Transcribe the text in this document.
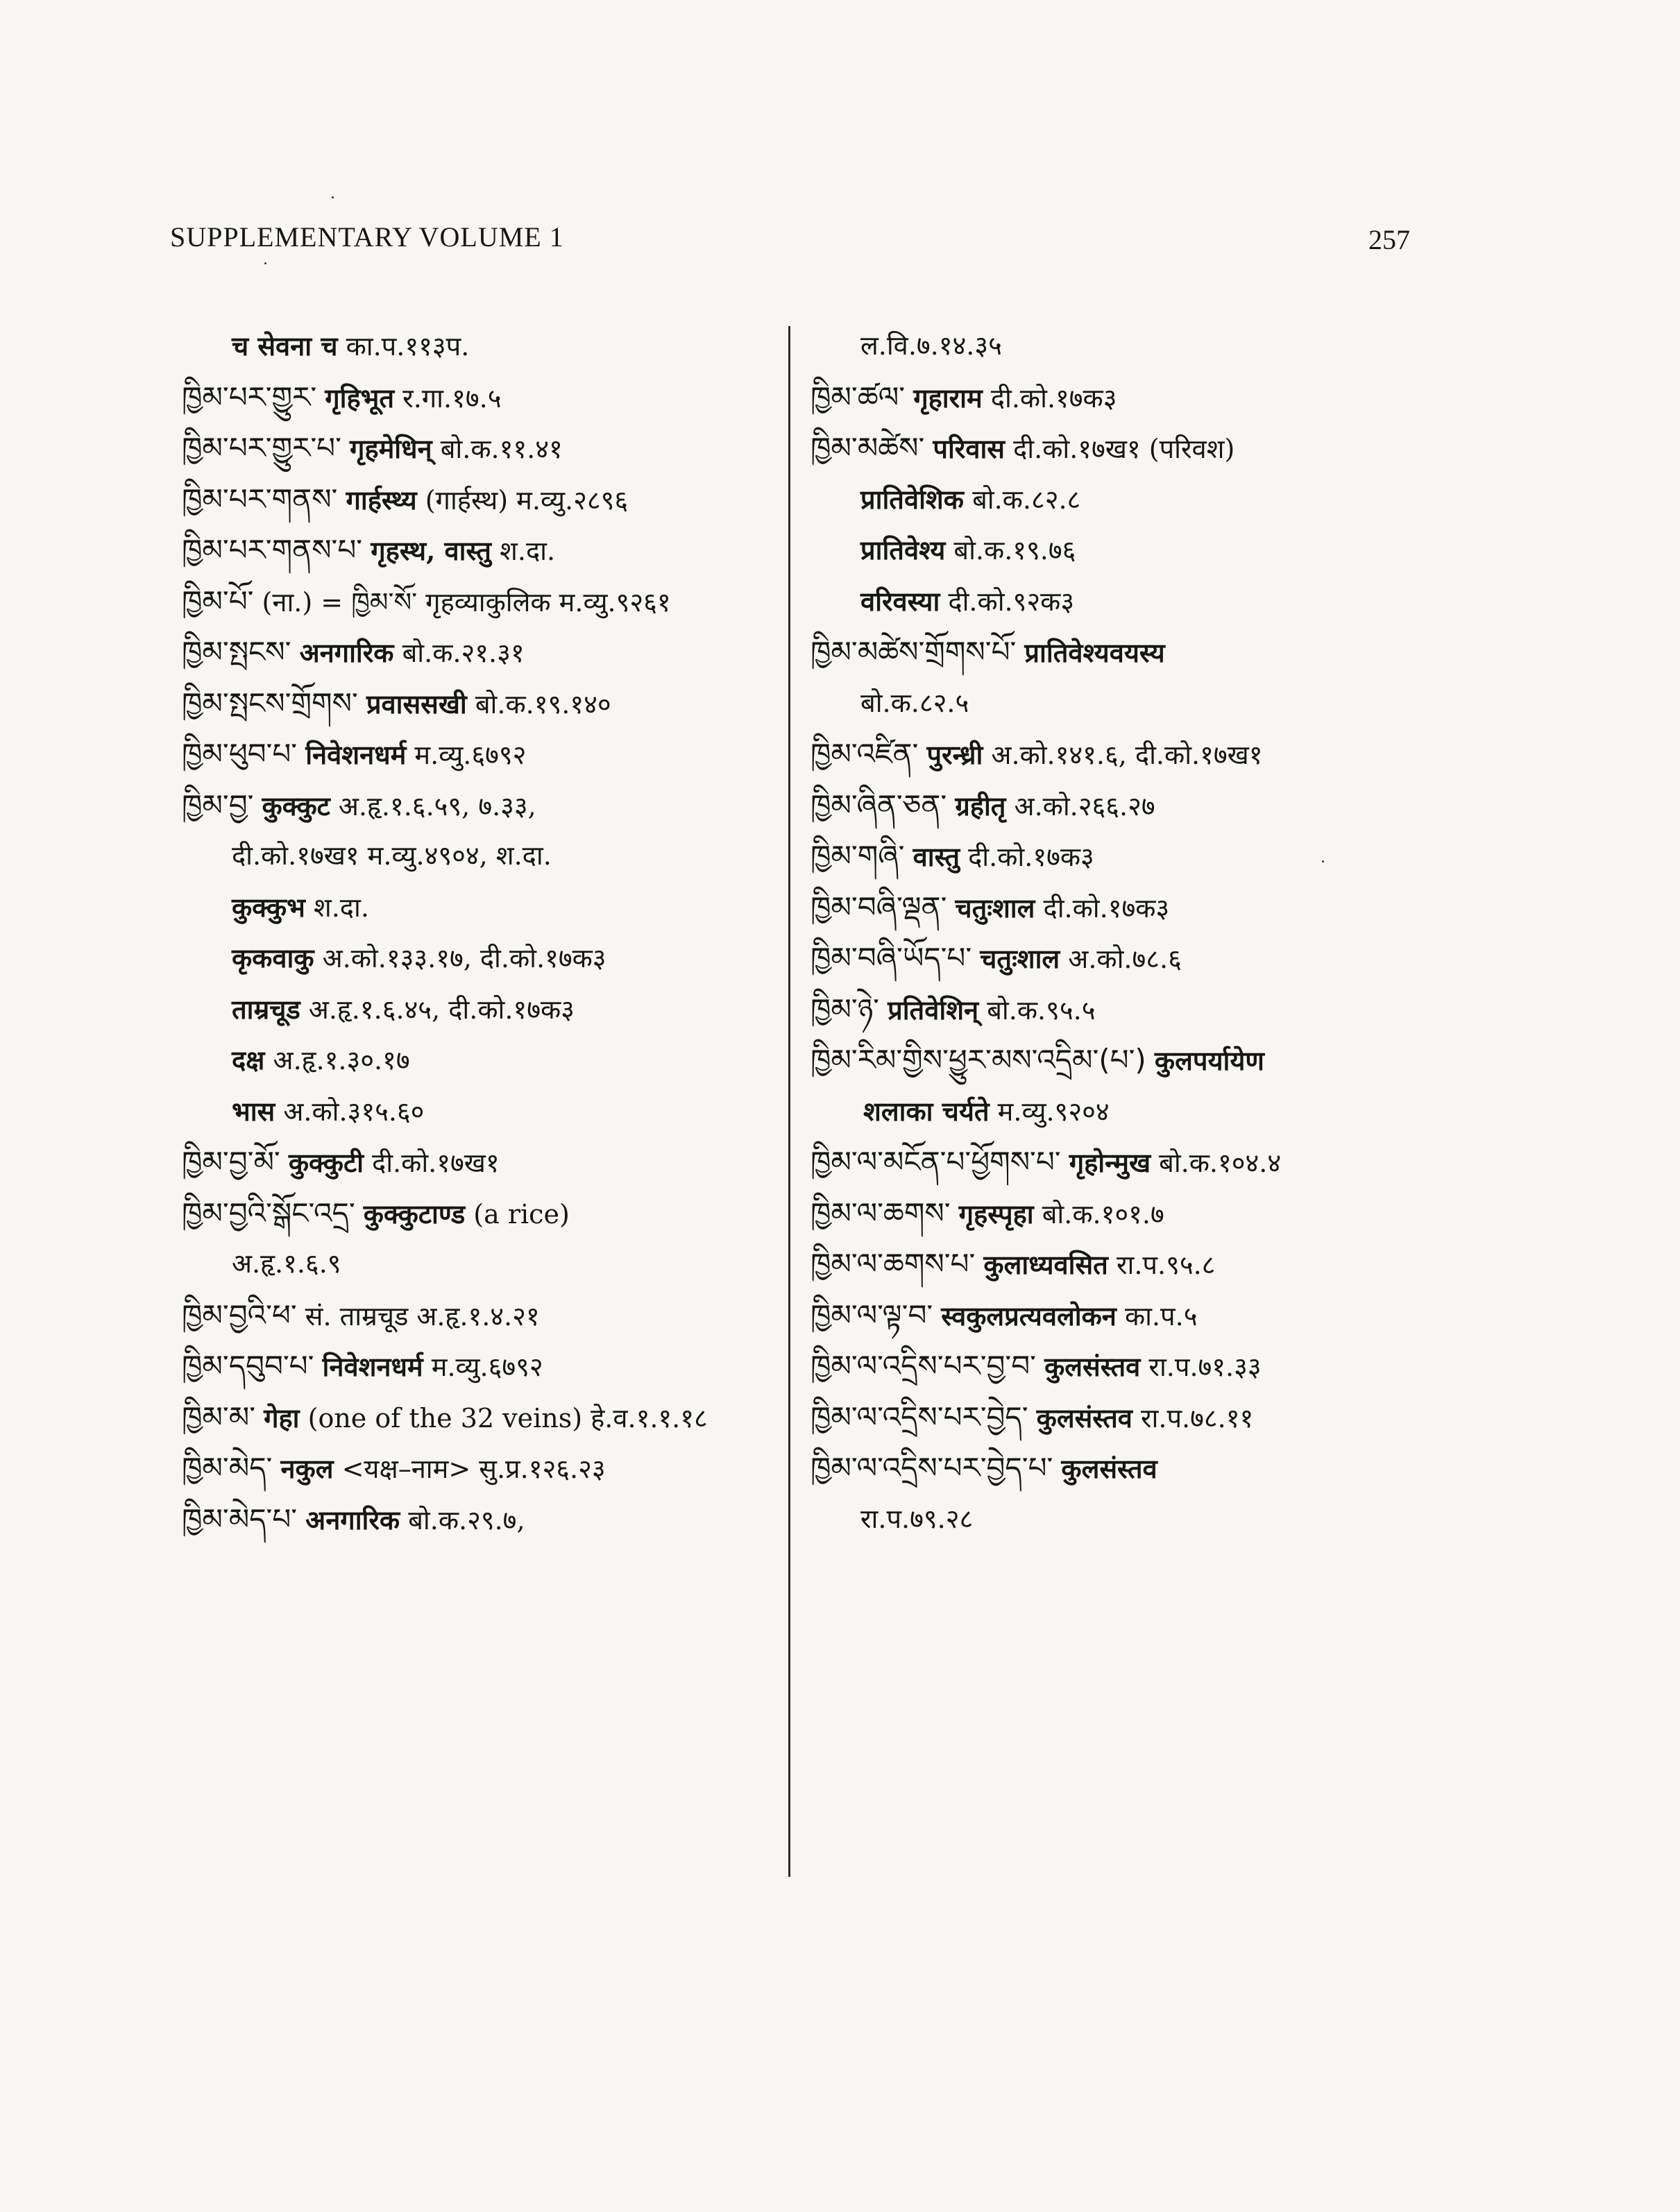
SUPPLEMENTARY VOLUME 1	257
च सेवना च का.प.११३प.
ཁྱིམ་པར་གྱུར་ गृहिभूत र.गा.१७.५
ཁྱིམ་པར་གྱུར་པ་ गृहमेधिन् बो.क.११.४१
ཁྱིམ་པར་གནས་ गार्हस्थ्य (गार्हस्थ) म.व्यु.२८९६
ཁྱིམ་པར་གནས་པ་ गृहस्थ, वास्तु श.दा.
ཁྱིམ་པོ་ (ना.) = ཁྱིམ་སོ་ गृहव्याकुलिक म.व्यु.९२६१
ཁྱིམ་སྤངས་ अनगारिक बो.क.२१.३१
ཁྱིམ་སྤངས་གྲོགས་ प्रवाससखी बो.क.१९.१४०
ཁྱིམ་ཕུབ་པ་ निवेशनधर्म म.व्यु.६७९२
ཁྱིམ་བྱ་ कुक्कुट अ.हृ.१.६.५९, ७.३३,
दी.को.१७ख१ म.व्यु.४९०४, श.दा.
कुक्कुभ श.दा.
कृकवाकु अ.को.१३३.१७, दी.को.१७क३
ताम्रचूड अ.हृ.१.६.४५, दी.को.१७क३
दक्ष अ.हृ.१.३०.१७
भास अ.को.३१५.६०
ཁྱིམ་བྱ་མོ་ कुक्कुटी दी.को.१७ख१
ཁྱིམ་བྱའི་སྒོང་འདྲ་ कुक्कुटाण्ड (a rice)
अ.हृ.१.६.९
ཁྱིམ་བྱའི་ཕ་ सं. ताम्रचूड अ.हृ.१.४.२१
ཁྱིམ་དབུབ་པ་ निवेशनधर्म म.व्यु.६७९२
ཁྱིམ་མ་ गेहा (one of the 32 veins) हे.व.१.१.१८
ཁྱིམ་མེད་ नकुल <यक्ष–नाम> सु.प्र.१२६.२३
ཁྱིམ་མེད་པ་ अनगारिक बो.क.२९.७,
ल.वि.७.१४.३५
ཁྱིམ་ཚལ་ गृहाराम दी.को.१७क३
ཁྱིམ་མཚེས་ परिवास दी.को.१७ख१ (परिवश)
प्रातिवेशिक बो.क.८२.८
प्रातिवेश्य बो.क.१९.७६
वरिवस्या दी.को.९२क३
ཁྱིམ་མཚེས་གྲོགས་པོ་ प्रातिवेश्यवयस्य
बो.क.८२.५
ཁྱིམ་འཛིན་ पुरन्ध्री अ.को.१४१.६, दी.को.१७ख१
ཁྱིམ་ཞིན་ཅན་ ग्रहीतृ अ.को.२६६.२७
ཁྱིམ་གཞི་ वास्तु दी.को.१७क३
ཁྱིམ་བཞི་ལྡན་ चतुःशाल दी.को.१७क३
ཁྱིམ་བཞི་ཡོད་པ་ चतुःशाल अ.को.७८.६
ཁྱིམ་ཉེ་ प्रतिवेशिन् बो.क.९५.५
ཁྱིམ་རིམ་གྱིས་ཕྱུར་མས་འདྲིམ་(པ་) कुलपर्यायेण
शलाका चर्यते म.व्यु.९२०४
ཁྱིམ་ལ་མངོན་པ་ཕྱོགས་པ་ गृहोन्मुख बो.क.१०४.४
ཁྱིམ་ལ་ཆགས་ गृहस्पृहा बो.क.१०१.७
ཁྱིམ་ལ་ཆགས་པ་ कुलाध्यवसित रा.प.९५.८
ཁྱིམ་ལ་ལྟ་བ་ स्वकुलप्रत्यवलोकन का.प.५
ཁྱིམ་ལ་འདྲིས་པར་བྱ་བ་ कुलसंस्तव रा.प.७१.३३
ཁྱིམ་ལ་འདྲིས་པར་བྱེད་ कुलसंस्तव रा.प.७८.११
ཁྱིམ་ལ་འདྲིས་པར་བྱེད་པ་ कुलसंस्तव
रा.प.७९.२८
